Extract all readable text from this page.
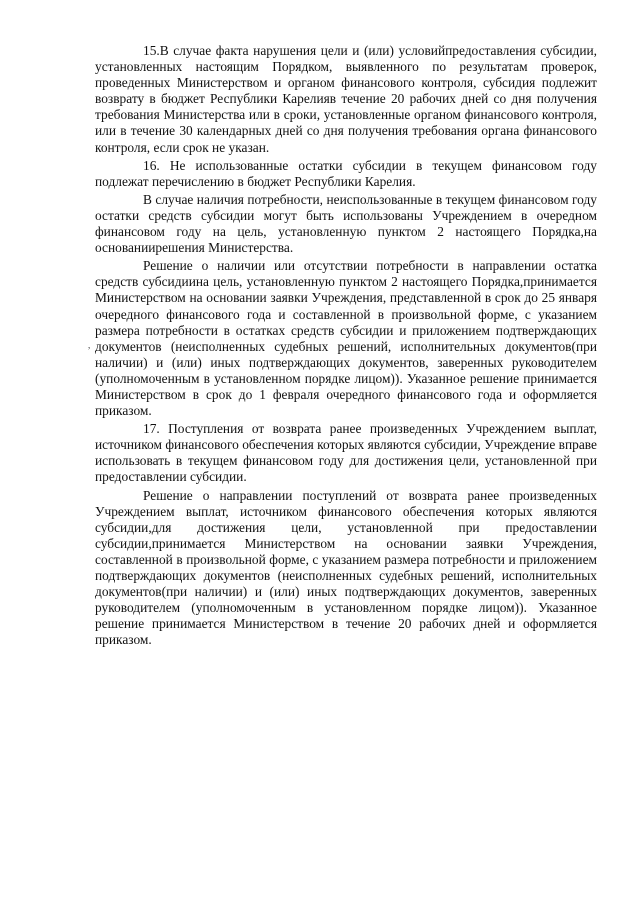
15.В случае факта нарушения цели и (или) условийпредоставления субсидии, установленных настоящим Порядком, выявленного по результатам проверок, проведенных Министерством и органом финансового контроля, субсидия подлежит возврату в бюджет Республики Карелияв течение 20 рабочих дней со дня получения требования Министерства или в сроки, установленные органом финансового контроля, или в течение 30 календарных дней со дня получения требования органа финансового контроля, если срок не указан.

16. Не использованные остатки субсидии в текущем финансовом году подлежат перечислению в бюджет Республики Карелия.

В случае наличия потребности, неиспользованные в текущем финансовом году остатки средств субсидии могут быть использованы Учреждением в очередном финансовом году на цель, установленную пунктом 2 настоящего Порядка,на основаниирешения Министерства.

Решение о наличии или отсутствии потребности в направлении остатка средств субсидиина цель, установленную пунктом 2 настоящего Порядка,принимается Министерством на основании заявки Учреждения, представленной в срок до 25 января очередного финансового года и составленной в произвольной форме, с указанием размера потребности в остатках средств субсидии и приложением подтверждающих документов (неисполненных судебных решений, исполнительных документов(при наличии) и (или) иных подтверждающих документов, заверенных руководителем (уполномоченным в установленном порядке лицом)). Указанное решение принимается Министерством в срок до 1 февраля очередного финансового года и оформляется приказом.

17. Поступления от возврата ранее произведенных Учреждением выплат, источником финансового обеспечения которых являются субсидии, Учреждение вправе использовать в текущем финансовом году для достижения цели, установленной при предоставлении субсидии.

Решение о направлении поступлений от возврата ранее произведенных Учреждением выплат, источником финансового обеспечения которых являются субсидии,для достижения цели, установленной при предоставлении субсидии,принимается Министерством на основании заявки Учреждения, составленной в произвольной форме, с указанием размера потребности и приложением подтверждающих документов (неисполненных судебных решений, исполнительных документов(при наличии) и (или) иных подтверждающих документов, заверенных руководителем (уполномоченным в установленном порядке лицом)). Указанное решение принимается Министерством в течение 20 рабочих дней и оформляется приказом.

,
